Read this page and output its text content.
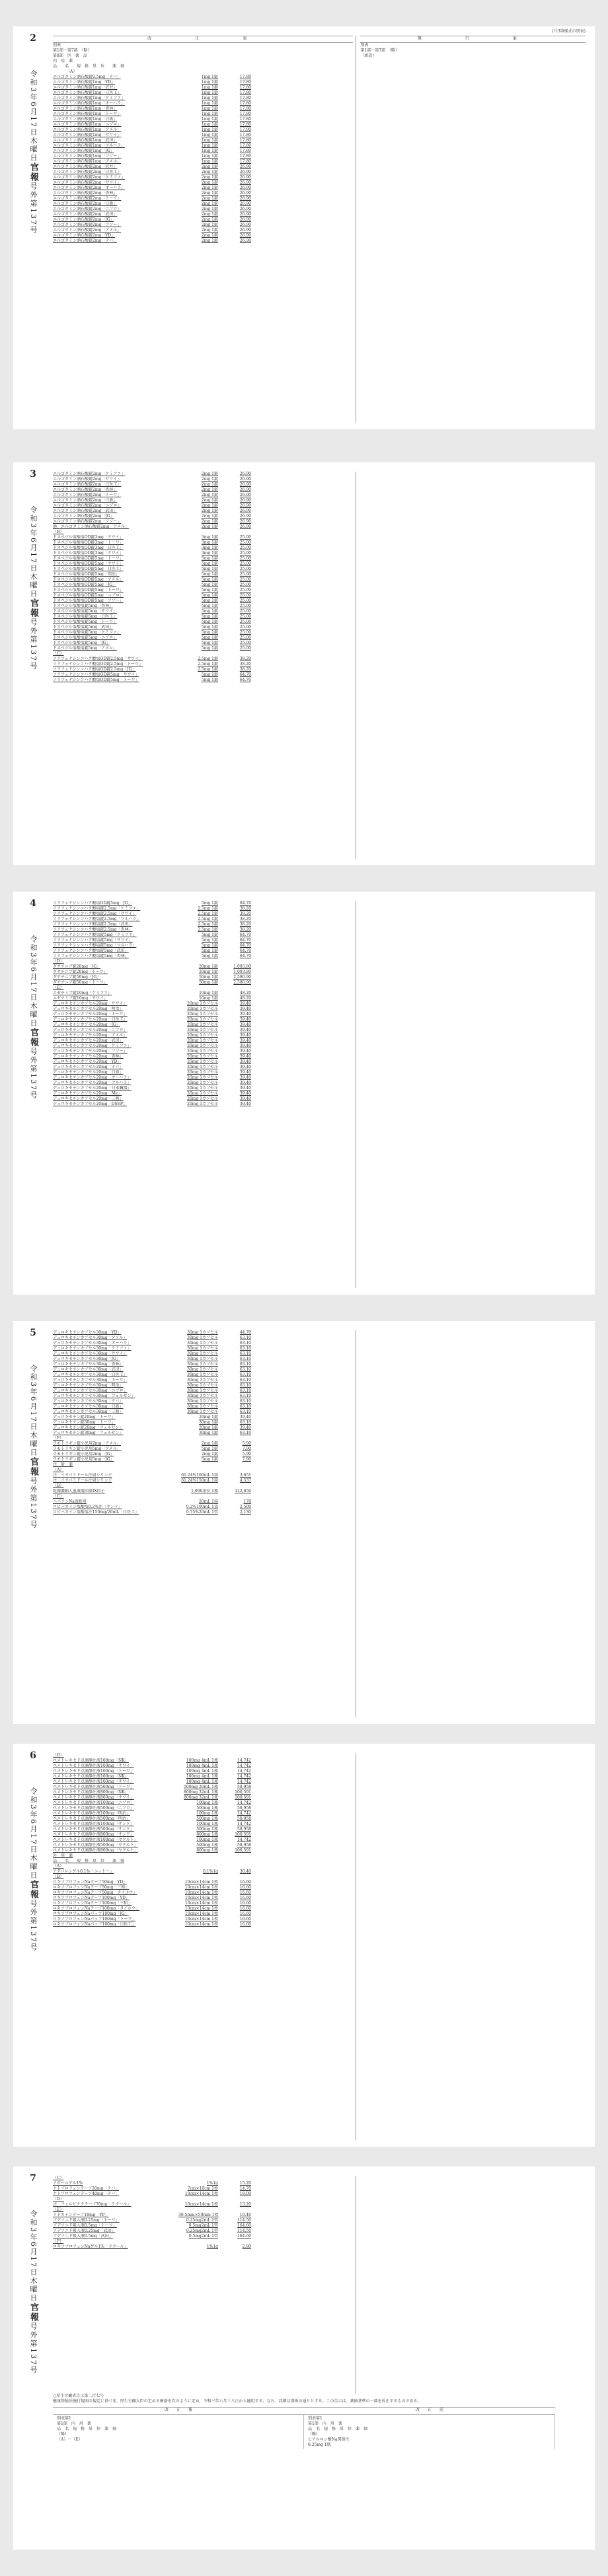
2
令和3年6月17日木曜日官報号外第137号
(号3第様式の別表)
改　　正　　案
別表
第1部～第7部　（略）
第8部　医　薬　品
内　用　薬
品　　名　　規　格　単　位　　薬　価
（A）
エルゴタミン酒石酸錠0.5mg「テバ」	1mg 1錠	17.80
エルゴタミン酒石酸錠1mg「YD」	1mg 1錠	17.80
エルゴタミン酒石酸錠1mg「沢井」	1mg 1錠	17.80
エルゴタミン酒石酸錠1mg「日医工」	1mg 1錠	17.80
エルゴタミン酒石酸錠1mg「ケミファ」	1mg 1錠	17.80
エルゴタミン酒石酸錠1mg「オーハラ」	1mg 1錠	17.80
エルゴタミン酒石酸錠1mg「杏林」	1mg 1錠	17.80
エルゴタミン酒石酸錠1mg「トーワ」	1mg 1錠	17.80
エルゴタミン酒石酸錠1mg「日新」	1mg 1錠	17.80
エルゴタミン酒石酸錠1mg「ニプロ」	1mg 1錠	17.80
エルゴタミン酒石酸錠1mg「アメル」	1mg 1錠	17.80
エルゴタミン酒石酸錠1mg「サワイ」	1mg 1錠	17.80
エルゴタミン酒石酸錠1mg「武田」	1mg 1錠	17.80
エルゴタミン酒石酸錠1mg「ツルハラ」	1mg 1錠	17.80
エルゴタミン酒石酸錠1mg「JG」	1mg 1錠	17.80
エルゴタミン酒石酸錠1mg「フソー」	1mg 1錠	17.80
エルゴタミン酒石酸錠1mg「アメル」	1mg 1錠	17.80
エルゴタミン酒石酸錠2mg「沢井」	2mg 1錠	26.90
エルゴタミン酒石酸錠2mg「日医工」	2mg 1錠	26.90
エルゴタミン酒石酸錠2mg「ケミファ」	2mg 1錠	26.90
エルゴタミン酒石酸錠2mg「サワイ」	2mg 1錠	26.90
エルゴタミン酒石酸錠2mg「オーハラ」	2mg 1錠	26.90
エルゴタミン酒石酸錠2mg「杏林」	2mg 1錠	26.90
エルゴタミン酒石酸錠2mg「トーワ」	2mg 1錠	26.90
エルゴタミン酒石酸錠2mg「日新」	2mg 1錠	26.90
エルゴタミン酒石酸錠2mg「ニプロ」	2mg 1錠	26.90
エルゴタミン酒石酸錠2mg「武田」	2mg 1錠	26.90
エルゴタミン酒石酸錠2mg「JG」	2mg 1錠	26.90
エルゴタミン酒石酸錠2mg「フソー」	2mg 1錠	26.90
エルゴタミン酒石酸錠2mg「アメル」	2mg 1錠	26.90
エルゴタミン酒石酸錠2mg「YD」	2mg 1錠	26.90
エルゴタミン酒石酸錠2mg「テバ」	2mg 1錠	26.90
現　　行　　案
別表
第1部～第7部　（略）
（新設）
3
令和3年6月17日木曜日官報号外第137号
エルゴタミン酒石酸錠2mg「ケミファ」	2mg 1錠	26.90
エルゴタミン酒石酸錠2mg「サワイ」	2mg 1錠	26.90
エルゴタミン酒石酸錠2mg「日医工」	2mg 1錠	26.90
エルゴタミン酒石酸錠2mg「杏林」	2mg 1錠	26.90
エルゴタミン酒石酸錠2mg「トーワ」	2mg 1錠	26.90
エルゴタミン酒石酸錠2mg「日新」	2mg 1錠	26.90
エルゴタミン酒石酸錠2mg「ニプロ」	2mg 1錠	26.90
エルゴタミン酒石酸錠2mg「武田」	2mg 1錠	26.90
エルゴタミン酒石酸錠2mg「JG」	2mg 1錠	26.90
エルゴタミン酒石酸錠2mg「フソー」	2mg 1錠	26.90
他　エルゴタミン酒石酸錠2mg「アメル」	2mg 1錠	26.90
（B）
ドネペジル塩酸塩OD錠3mg「サワイ」	3mg 1錠	25.00
ドネペジル塩酸塩OD錠3mg「トーワ」	3mg 1錠	25.00
ドネペジル塩酸塩OD錠3mg「日医工」	3mg 1錠	25.00
ドネペジル塩酸塩OD錠3mg「サワイ」	3mg 1錠	25.00
ドネペジル塩酸塩OD錠5mg「トーワ」	5mg 1錠	25.00
ドネペジル塩酸塩OD錠5mg「サワイ」	5mg 1錠	25.00
ドネペジル塩酸塩OD錠5mg「日医工」	5mg 1錠	25.00
ドネペジル塩酸塩OD錠5mg「明治」	5mg 1錠	25.00
ドネペジル塩酸塩OD錠5mg「アメル」	5mg 1錠	25.00
ドネペジル塩酸塩OD錠5mg「JG」	5mg 1錠	25.00
ドネペジル塩酸塩OD錠5mg「トーワ」	5mg 1錠	25.00
ドネペジル塩酸塩OD錠5mg「ニプロ」	5mg 1錠	25.00
ドネペジル塩酸塩OD錠5mg「フソー」	5mg 1錠	25.00
ドネペジル塩酸塩錠5mg「杏林」	5mg 1錠	25.00
ドネペジル塩酸塩錠5mg「サワイ」	5mg 1錠	25.00
ドネペジル塩酸塩錠5mg「日医工」	5mg 1錠	25.00
ドネペジル塩酸塩錠5mg「トーワ」	5mg 1錠	25.00
ドネペジル塩酸塩錠5mg「武田」	5mg 1錠	25.00
ドネペジル塩酸塩錠5mg「ケミファ」	5mg 1錠	25.00
ドネペジル塩酸塩錠5mg「ニプロ」	5mg 1錠	25.00
ドネペジル塩酸塩錠5mg「JG」	5mg 1錠	25.00
ドネペジル塩酸塩錠5mg「アメル」	5mg 1錠	25.00
（C）
ソリフェナシンコハク酸塩OD錠2.5mg「サワイ」	2.5mg 1錠	38.20
ソリフェナシンコハク酸塩OD錠2.5mg「トーワ」	2.5mg 1錠	38.20
ソリフェナシンコハク酸塩OD錠2.5mg「JG」	2.5mg 1錠	38.20
ソリフェナシンコハク酸塩OD錠5mg「サワイ」	5mg 1錠	64.70
ソリフェナシンコハク酸塩OD錠5mg「トーワ」	5mg 1錠	64.70
4
令和3年6月17日木曜日官報号外第137号
ソリフェナシンコハク酸塩OD錠5mg「JG」	5mg 1錠	64.70
ソリフェナシンコハク酸塩錠2.5mg「ケミファ」	2.5mg 1錠	38.20
ソリフェナシンコハク酸塩錠2.5mg「サワイ」	2.5mg 1錠	38.20
ソリフェナシンコハク酸塩錠2.5mg「ツルハラ」	2.5mg 1錠	38.20
ソリフェナシンコハク酸塩錠2.5mg「武田」	2.5mg 1錠	38.20
ソリフェナシンコハク酸塩錠2.5mg「杏林」	2.5mg 1錠	38.20
ソリフェナシンコハク酸塩錠5mg「ケミファ」	5mg 1錠	64.70
ソリフェナシンコハク酸塩錠5mg「サワイ」	5mg 1錠	64.70
ソリフェナシンコハク酸塩錠5mg「ツルハラ」	5mg 1錠	64.70
ソリフェナシンコハク酸塩錠5mg「武田」	5mg 1錠	64.70
ソリフェナシンコハク酸塩錠5mg「杏林」	5mg 1錠	64.70
（D）
ダサチニブ錠20mg「JG」	20mg 1錠	1,093.80
ダサチニブ錠20mg「トーワ」	20mg 1錠	1,093.80
ダサチニブ錠50mg「JG」	50mg 1錠	2,580.90
ダサチニブ錠50mg「トーワ」	50mg 1錠	2,580.90
（E）
エゼチミブ錠10mg「ケミファ」	10mg 1錠	48.20
エゼチミブ錠10mg「サワイ」	10mg 1錠	48.20
デュロキセチンカプセル20mg「サワイ」	20mg 1カプセル	39.40
デュロキセチンカプセル20mg「明治」	20mg 1カプセル	39.40
デュロキセチンカプセル20mg「トーワ」	20mg 1カプセル	39.40
デュロキセチンカプセル20mg「日医工」	20mg 1カプセル	39.40
デュロキセチンカプセル20mg「JG」	20mg 1カプセル	39.40
デュロキセチンカプセル20mg「ニプロ」	20mg 1カプセル	39.40
デュロキセチンカプセル20mg「アメル」	20mg 1カプセル	39.40
デュロキセチンカプセル20mg「武田」	20mg 1カプセル	39.40
デュロキセチンカプセル20mg「ケミファ」	20mg 1カプセル	39.40
デュロキセチンカプセル20mg「フソー」	20mg 1カプセル	39.40
デュロキセチンカプセル20mg「杏林」	20mg 1カプセル	39.40
デュロキセチンカプセル20mg「YD」	20mg 1カプセル	39.40
デュロキセチンカプセル20mg「テバ」	20mg 1カプセル	39.40
デュロキセチンカプセル20mg「日新」	20mg 1カプセル	39.40
デュロキセチンカプセル20mg「オーハラ」	20mg 1カプセル	39.40
デュロキセチンカプセル20mg「ツルハラ」	20mg 1カプセル	39.40
デュロキセチンカプセル20mg「日本臓器」	20mg 1カプセル	39.40
デュロキセチンカプセル20mg「Me」	20mg 1カプセル	39.40
デュロキセチンカプセル20mg「三和」	20mg 1カプセル	39.40
デュロキセチンカプセル20mg「DSEP」	20mg 1カプセル	39.40
5
令和3年6月17日木曜日官報号外第137号
デュロキセチンカプセル30mg「YD」	30mg 1カプセル	44.70
デュロキセチンカプセル30mg「アメル」	30mg 1カプセル	63.10
デュロキセチンカプセル30mg「オーハラ」	30mg 1カプセル	63.10
デュロキセチンカプセル30mg「ケミファ」	30mg 1カプセル	63.10
デュロキセチンカプセル30mg「サワイ」	30mg 1カプセル	63.10
デュロキセチンカプセル30mg「JG」	30mg 1カプセル	63.10
デュロキセチンカプセル30mg「杏林」	30mg 1カプセル	63.10
デュロキセチンカプセル30mg「武田」	30mg 1カプセル	63.10
デュロキセチンカプセル30mg「日医工」	30mg 1カプセル	63.10
デュロキセチンカプセル30mg「トーワ」	30mg 1カプセル	63.10
デュロキセチンカプセル30mg「明治」	30mg 1カプセル	63.10
デュロキセチンカプセル30mg「ニプロ」	30mg 1カプセル	63.10
デュロキセチンカプセル30mg「フェルゼン」	30mg 1カプセル	63.10
デュロキセチンカプセル30mg「テバ」	30mg 1カプセル	63.10
デュロキセチンカプセル30mg「日新」	30mg 1カプセル	63.10
デュロキセチンカプセル30mg「三和」	30mg 1カプセル	63.10
デュロキセチン錠20mg「トーワ」	20mg 1錠	39.40
デュロキセチン錠30mg「トーワ」	30mg 1錠	63.10
デュロキセチン錠20mg「フェルゼン」	20mg 1錠	39.40
デュロキセチン錠30mg「フェルゼン」	30mg 1錠	63.10
（F）
ラモトリギン錠小児用2mg「アメル」	2mg 1錠	5.90
ラモトリギン錠小児用5mg「アメル」	5mg 1錠	7.90
ラモトリギン錠小児用2mg「JG」	2mg 1錠	5.90
ラモトリギン錠小児用5mg「JG」	5mg 1錠	7.90
注　射　薬
（A）
注　イオパミドール注射シリンジ	61.24%100mL 1筒	3,651
注　イオパミドール注射シリンジ	61.24%150mL 1筒	4,537
（B）
乾燥濃縮人血液凝固第IX因子	1,000単位 1瓶	122,650
（C）
ヘパリンNa透析用	20mL 1筒	178
ロピバカイン塩酸塩0.2%注「サンド」	0.2%100mL 1袋	2,590
ロピバカイン塩酸塩注150mg/20mL「日医工」	0.75%20mL 1管	2,130
6
令和3年6月17日木曜日官報号外第137号
（D）
ペメトレキセド点滴静注液100mg「NK」	100mg 4mL 1瓶	14,742
ペメトレキセド点滴静注液100mg「サワイ」	100mg 4mL 1瓶	14,742
ペメトレキセド点滴静注液100mg「トーワ」	100mg 4mL 1瓶	14,742
ペメトレキセド点滴静注液100mg「NK」	100mg 4mL 1瓶	14,742
ペメトレキセド点滴静注液100mg「サワイ」	100mg 4mL 1瓶	14,742
ペメトレキセド点滴静注液500mg「トーワ」	500mg 20mL 1瓶	58,958
ペメトレキセド点滴静注液800mg「NK」	800mg 32mL 1瓶	100,591
ペメトレキセド点滴静注液800mg「サワイ」	800mg 32mL 1瓶	100,591
ペメトレキセド点滴静注液100mg「ニプロ」	100mg 1瓶	14,742
ペメトレキセド点滴静注液500mg「ニプロ」	500mg 1瓶	58,958
ペメトレキセド点滴静注液100mg「明治」	100mg 1瓶	14,742
ペメトレキセド点滴静注液500mg「明治」	500mg 1瓶	58,958
ペメトレキセド点滴静注液100mg「サンド」	100mg 1瓶	14,742
ペメトレキセド点滴静注液500mg「サンド」	500mg 1瓶	58,958
ペメトレキセド点滴静注液800mg「サンド」	800mg 1瓶	100,591
ペメトレキセド点滴静注液100mg「ヤクルト」	100mg 1瓶	14,742
ペメトレキセド点滴静注液500mg「ヤクルト」	500mg 1瓶	58,958
ペメトレキセド点滴静注液800mg「ヤクルト」	800mg 1瓶	100,591
外　用　薬
品　　名　　規　格　単　位　　薬　価
（A）
アダパレンゲル0.1%「ニットー」	0.1%1g	30.40
（B）
ロキソプロフェンNaテープ50mg「YD」	10cm×14cm 1枚	16.60
ロキソプロフェンNaテープ50mg「三和」	10cm×14cm 1枚	16.60
ロキソプロフェンNaテープ50mg「タイホウ」	10cm×14cm 1枚	16.60
ロキソプロフェンNaテープ100mg「YD」	10cm×14cm 1枚	16.60
ロキソプロフェンNaテープ100mg「三和」	10cm×14cm 1枚	16.60
ロキソプロフェンNaテープ100mg「タイホウ」	10cm×14cm 1枚	16.60
ロキソプロフェンNaパップ100mg「JG」	10cm×14cm 1枚	16.60
ロキソプロフェンNaパップ100mg「トーワ」	10cm×14cm 1枚	16.60
ロキソプロフェンNaパップ100mg「日医工」	10cm×14cm 1枚	16.60
7
令和3年6月17日木曜日官報号外第137号
（C）
ナボールゲル1%	1%1g	15.20
ケトプロフェンテープ20mg「テバ」	7cm×10cm 1枚	14.70
ケトプロフェンテープ40mg「テバ」	10cm×14cm 1枚	18.00
（D）
注　フェルビナクテープ70mg「ラクール」	10cm×14cm 1枚	13.20
（E）
リドカインテープ18mg「YP」	30.5mm×50mm 1枚	10.40
ブデソニド吸入液0.25mg「トーワ」	0.25mg2mL 1管	114.50
ブデソニド吸入液0.5mg「トーワ」	0.5mg2mL 1管	164.60
ブデソニド吸入液0.25mg「武田」	0.25mg2mL 1管	114.50
ブデソニド吸入液0.5mg「武田」	0.5mg2mL 1管	164.60
（F）
ロキソプロフェンNaゲル1%「ラクール」	1%1g	2.80
○厚生労働省告示第二百七号
健康保険法施行規則の規定に基づき、厚生労働大臣の定める療養を次のように定め、令和三年六月十八日から適用する。なお、詳細は別紙の通りとする。この告示は、薬価基準の一部を改正するものである。
改　　正　　後	改　　正　　前
別表第1
第1節　内　用　薬
品　名　規　格　単　位　薬　価
（略）
（A）～（E）
別表第1
第1節　内　用　薬
品　名　規　格　単　位　薬　価
（略）
ヒアルロン酸Na関節注
0.25mg 1瓶
